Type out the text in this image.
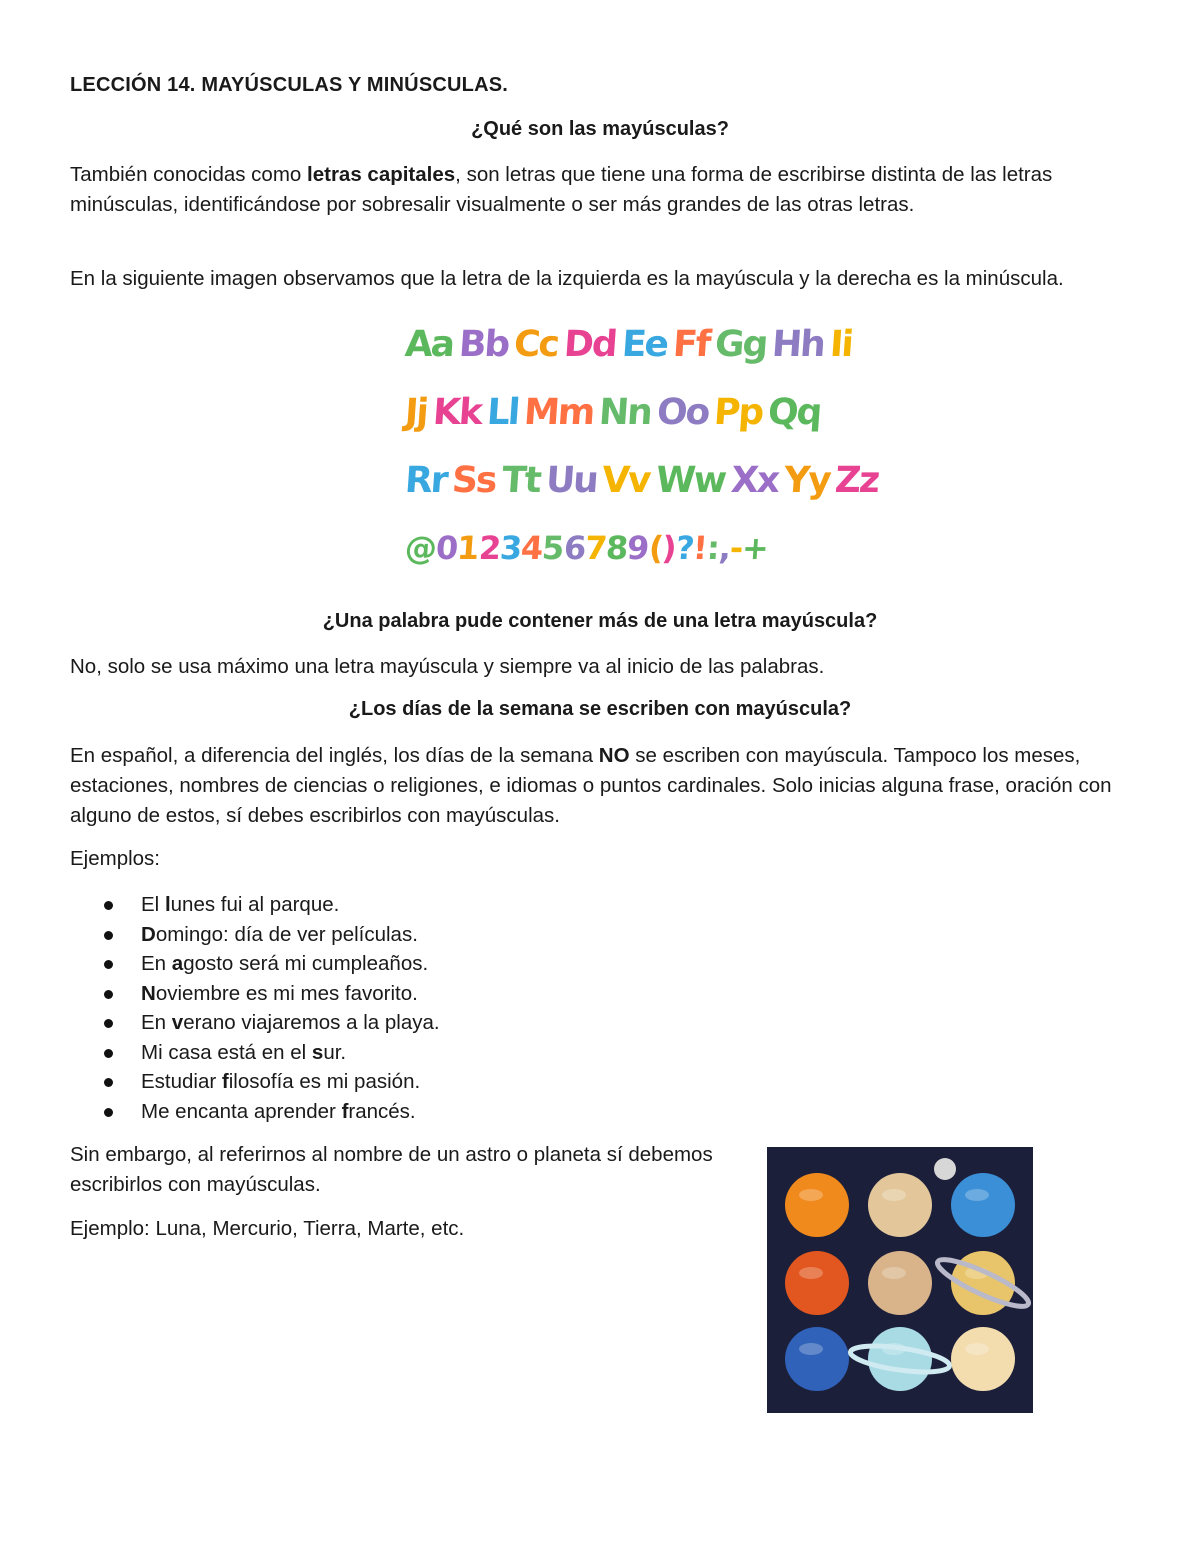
LECCIÓN 14. MAYÚSCULAS Y MINÚSCULAS.
¿Qué son las mayúsculas?
También conocidas como letras capitales, son letras que tiene una forma de escribirse distinta de las letras minúsculas, identificándose por sobresalir visualmente o ser más grandes de las otras letras.
En la siguiente imagen observamos que la letra de la izquierda es la mayúscula y la derecha es la minúscula.
Aa Bb Cc Dd Ee Ff Gg Hh Ii
Jj Kk Ll Mm Nn Oo Pp Qq
Rr Ss Tt Uu Vv Ww Xx Yy Zz
@
0
1
2
3
4
5
6
7
8
9
(
)
?
!
:
,
-
+
¿Una palabra pude contener más de una letra mayúscula?
No, solo se usa máximo una letra mayúscula y siempre va al inicio de las palabras.
¿Los días de la semana se escriben con mayúscula?
En español, a diferencia del inglés, los días de la semana NO se escriben con mayúscula. Tampoco los meses, estaciones, nombres de ciencias o religiones, e idiomas o puntos cardinales. Solo inicias alguna frase, oración con alguno de estos, sí debes escribirlos con mayúsculas.
Ejemplos:
El lunes fui al parque.
Domingo: día de ver películas.
En agosto será mi cumpleaños.
Noviembre es mi mes favorito.
En verano viajaremos a la playa.
Mi casa está en el sur.
Estudiar filosofía es mi pasión.
Me encanta aprender francés.
Sin embargo, al referirnos al nombre de un astro o planeta sí debemos escribirlos con mayúsculas.
Ejemplo: Luna, Mercurio, Tierra, Marte, etc.
